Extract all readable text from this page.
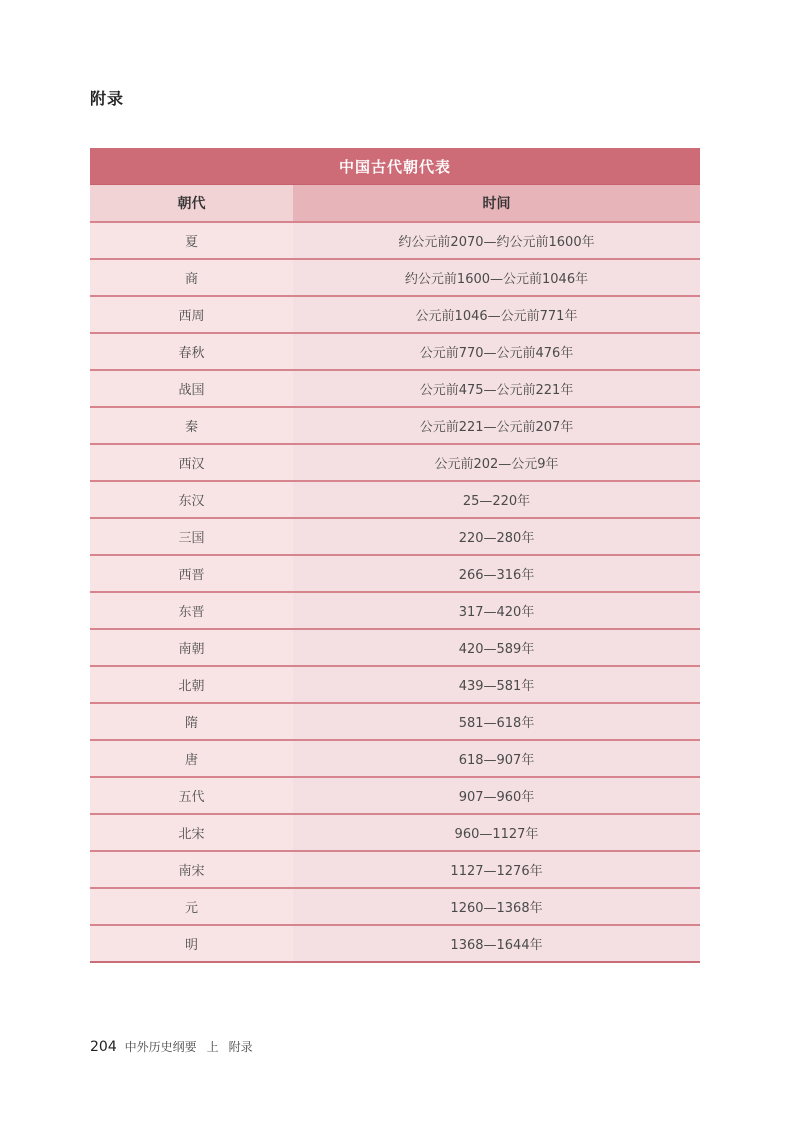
附录
中国古代朝代表	
朝代	时间
夏	约公元前2070—约公元前1600年
商	约公元前1600—公元前1046年
西周	公元前1046—公元前771年
春秋	公元前770—公元前476年
战国	公元前475—公元前221年
秦	公元前221—公元前207年
西汉	公元前202—公元9年
东汉	25—220年
三国	220—280年
西晋	266—316年
东晋	317—420年
南朝	420—589年
北朝	439—581年
隋	581—618年
唐	618—907年
五代	907—960年
北宋	960—1127年
南宋	1127—1276年
元	1260—1368年
明	1368—1644年
204 中外历史纲要 上 附录
